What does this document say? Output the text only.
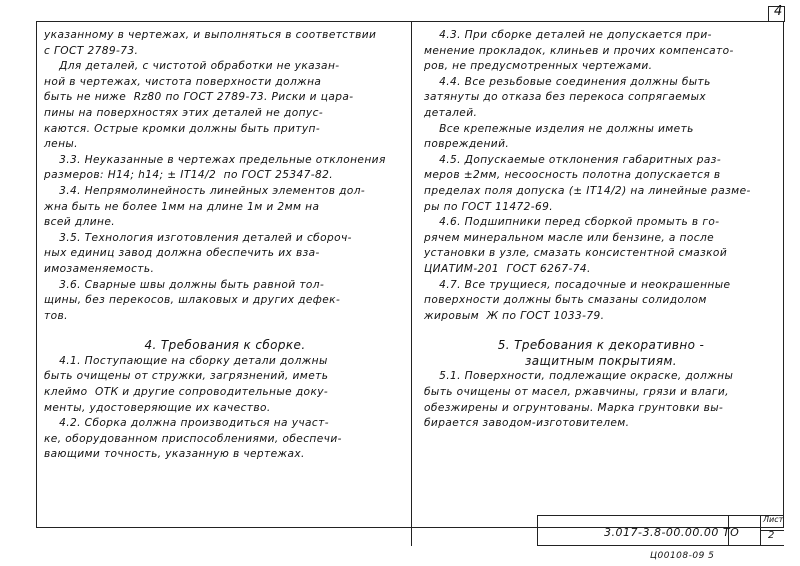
4

указанному в чертежах, и выполняться в соответствии

с ГОСТ 2789-73.

Для деталей, с чистотой обработки не указан-

ной в чертежах, чистота поверхности должна

быть не ниже  Rz80 по ГОСТ 2789-73. Риски и цара-

пины на поверхностях этих деталей не допус-

каются. Острые кромки должны быть притуп-

лены.

3.3. Неуказанные в чертежах предельные отклонения

размеров: Н14; h14; ± IT14/2  по ГОСТ 25347-82.

3.4. Непрямолинейность линейных элементов дол-

жна быть не более 1мм на длине 1м и 2мм на

всей длине.

3.5. Технология изготовления деталей и сбороч-

ных единиц завод должна обеспечить их вза-

имозаменяемость.

3.6. Сварные швы должны быть равной тол-

щины, без перекосов, шлаковых и других дефек-

тов.

4. Требования к сборке.

4.1. Поступающие на сборку детали должны

быть очищены от стружки, загрязнений, иметь

клеймо  ОТК и другие сопроводительные доку-

менты, удостоверяющие их качество.

4.2. Сборка должна производиться на участ-

ке, оборудованном приспособлениями, обеспечи-

вающими точность, указанную в чертежах.

4.3. При сборке деталей не допускается при-

менение прокладок, клиньев и прочих компенсато-

ров, не предусмотренных чертежами.

4.4. Все резьбовые соединения должны быть

затянуты до отказа без перекоса сопрягаемых

деталей.

Все крепежные изделия не должны иметь

повреждений.

4.5. Допускаемые отклонения габаритных раз-

меров ±2мм, несоосность полотна допускается в

пределах поля допуска (± IT14/2) на линейные разме-

ры по ГОСТ 11472-69.

4.6. Подшипники перед сборкой промыть в го-

рячем минеральном масле или бензине, а после

установки в узле, смазать консистентной смазкой

ЦИАТИМ-201  ГОСТ 6267-74.

4.7. Все трущиеся, посадочные и неокрашенные

поверхности должны быть смазаны солидолом

жировым  Ж по ГОСТ 1033-79.

5. Требования к декоративно -

защитным покрытиям.

5.1. Поверхности, подлежащие окраске, должны

быть очищены от масел, ржавчины, грязи и влаги,

обезжирены и огрунтованы. Марка грунтовки вы-

бирается заводом-изготовителем.

3.017-3.8-00.00.00 ТО
Лист
2
Ц00108-09 5
